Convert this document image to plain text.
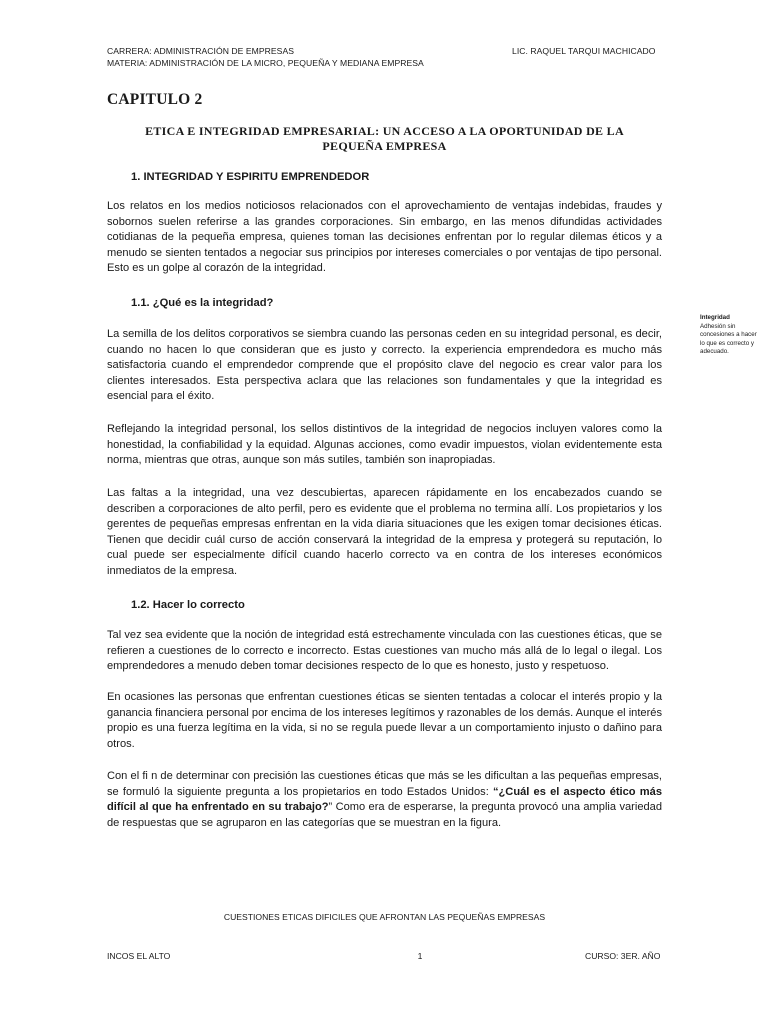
CARRERA: ADMINISTRACIÓN DE EMPRESAS
MATERIA: ADMINISTRACIÓN DE LA MICRO, PEQUEÑA Y MEDIANA EMPRESA
LIC. RAQUEL TARQUI MACHICADO
CAPITULO 2
ETICA E INTEGRIDAD EMPRESARIAL: UN ACCESO A LA OPORTUNIDAD DE LA
PEQUEÑA EMPRESA
1. INTEGRIDAD Y ESPIRITU EMPRENDEDOR
Los relatos en los medios noticiosos relacionados con el aprovechamiento de ventajas indebidas, fraudes y sobornos suelen referirse a las grandes corporaciones. Sin embargo, en las menos difundidas actividades cotidianas de la pequeña empresa, quienes toman las decisiones enfrentan por lo regular dilemas éticos y a menudo se sienten tentados a negociar sus principios por intereses comerciales o por ventajas de tipo personal. Esto es un golpe al corazón de la integridad.
1.1. ¿Qué es la integridad?
La semilla de los delitos corporativos se siembra cuando las personas ceden en su integridad personal, es decir, cuando no hacen lo que consideran que es justo y correcto. la experiencia emprendedora es mucho más satisfactoria cuando el emprendedor comprende que el propósito clave del negocio es crear valor para los clientes interesados. Esta perspectiva aclara que las relaciones son fundamentales y que la integridad es esencial para el éxito.
Reflejando la integridad personal, los sellos distintivos de la integridad de negocios incluyen valores como la honestidad, la confiabilidad y la equidad. Algunas acciones, como evadir impuestos, violan evidentemente esta norma, mientras que otras, aunque son más sutiles, también son inapropiadas.
Las faltas a la integridad, una vez descubiertas, aparecen rápidamente en los encabezados cuando se describen a corporaciones de alto perfil, pero es evidente que el problema no termina allí. Los propietarios y los gerentes de pequeñas empresas enfrentan en la vida diaria situaciones que les exigen tomar decisiones éticas. Tienen que decidir cuál curso de acción conservará la integridad de la empresa y protegerá su reputación, lo cual puede ser especialmente difícil cuando hacerlo correcto va en contra de los intereses económicos inmediatos de la empresa.
Integridad
Adhesión sin concesiones a hacer lo que es correcto y adecuado.
1.2. Hacer lo correcto
Tal vez sea evidente que la noción de integridad está estrechamente vinculada con las cuestiones éticas, que se refieren a cuestiones de lo correcto e incorrecto. Estas cuestiones van mucho más allá de lo legal o ilegal. Los emprendedores a menudo deben tomar decisiones respecto de lo que es honesto, justo y respetuoso.
En ocasiones las personas que enfrentan cuestiones éticas se sienten tentadas a colocar el interés propio y la ganancia financiera personal por encima de los intereses legítimos y razonables de los demás. Aunque el interés propio es una fuerza legítima en la vida, si no se regula puede llevar a un comportamiento injusto o dañino para otros.
Con el fi n de determinar con precisión las cuestiones éticas que más se les dificultan a las pequeñas empresas, se formuló la siguiente pregunta a los propietarios en todo Estados Unidos: “¿Cuál es el aspecto ético más difícil al que ha enfrentado en su trabajo?” Como era de esperarse, la pregunta provocó una amplia variedad de respuestas que se agruparon en las categorías que se muestran en la figura.
CUESTIONES ETICAS DIFICILES QUE AFRONTAN LAS PEQUEÑAS EMPRESAS
INCOS EL ALTO	1	CURSO: 3ER. AÑO
